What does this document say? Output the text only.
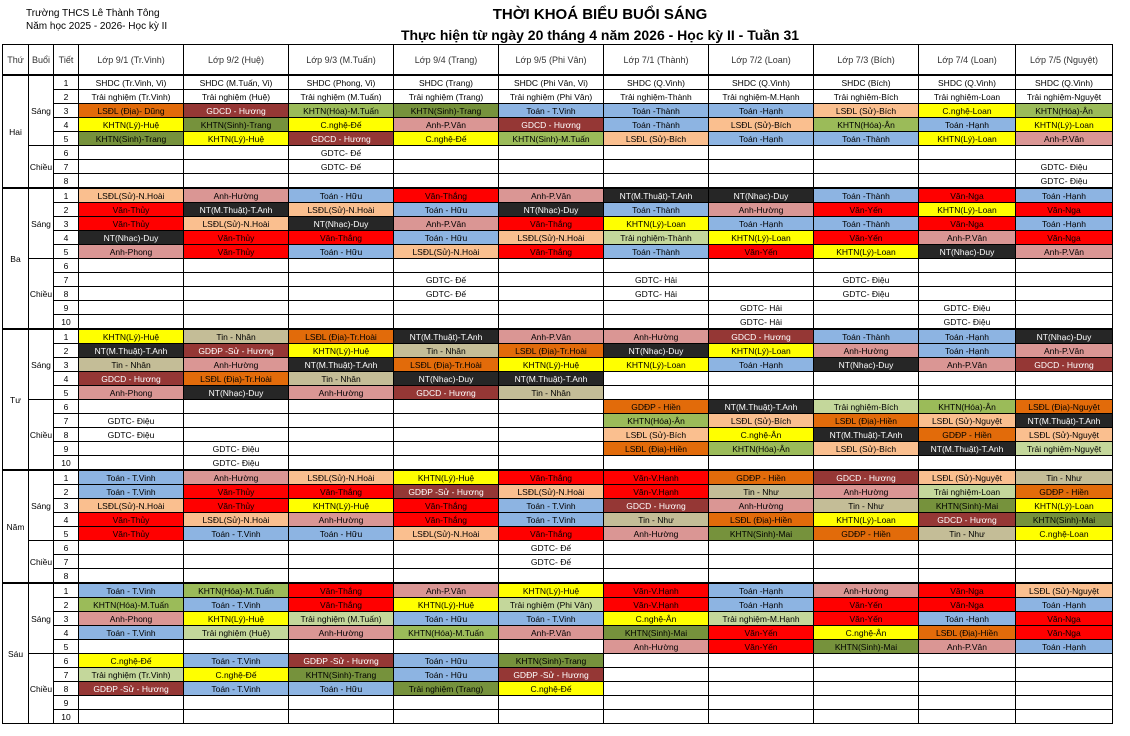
Trường THCS Lê Thành Tông
Năm học 2025 - 2026- Học kỳ II
THỜI KHOÁ BIỂU BUỔI SÁNG
Thực hiện từ ngày 20 tháng 4 năm 2026 - Học kỳ II - Tuần 31
Thứ	Buổi	Tiết	Lớp 9/1 (Tr.Vinh)	Lớp 9/2 (Huệ)	Lớp 9/3 (M.Tuấn)	Lớp 9/4 (Trang)	Lớp 9/5 (Phi Vân)	Lớp 7/1 (Thành)	Lớp 7/2 (Loan)	Lớp 7/3 (Bích)	Lớp 7/4 (Loan)	Lớp 7/5 (Nguyệt)
Hai	Sáng	1	SHDC (Tr.Vinh, Vi)	SHDC (M.Tuấn, Vi)	SHDC (Phong, Vi)	SHDC (Trang)	SHDC (Phi Vân, Vi)	SHDC (Q.Vinh)	SHDC (Q.Vinh)	SHDC (Bích)	SHDC (Q.Vinh)	SHDC (Q.Vinh)
		2	Trải nghiệm (Tr.Vinh)	Trải nghiệm (Huệ)	Trải nghiệm (M.Tuấn)	Trải nghiệm (Trang)	Trải nghiệm (Phi Vân)	Trải nghiệm-Thành	Trải nghiệm-M.Hạnh	Trải nghiệm-Bích	Trải nghiệm-Loan	Trải nghiệm-Nguyệt
		3	LSĐL (Địa)- Dũng	GDCD - Hương	KHTN(Hóa)-M.Tuấn	KHTN(Sinh)-Trang	Toán - T.Vinh	Toán -Thành	Toán -Hạnh	LSĐL (Sử)-Bích	C.nghệ-Loan	KHTN(Hóa)-Ân
		4	KHTN(Lý)-Huệ	KHTN(Sinh)-Trang	C.nghệ-Đế	Anh-P.Vân	GDCD - Hương	Toán -Thành	LSĐL (Sử)-Bích	KHTN(Hóa)-Ân	Toán -Hạnh	KHTN(Lý)-Loan
		5	KHTN(Sinh)-Trang	KHTN(Lý)-Huệ	GDCD - Hương	C.nghệ-Đế	KHTN(Sinh)-M.Tuấn	LSĐL (Sử)-Bích	Toán -Hạnh	Toán -Thành	KHTN(Lý)-Loan	Anh-P.Vân
	Chiều	6			GDTC- Đế							
		7			GDTC- Đế							GDTC- Điệu
		8										GDTC- Điệu
Ba	Sáng	1	LSĐL(Sử)-N.Hoài	Anh-Hường	Toán - Hữu	Văn-Thắng	Anh-P.Vân	NT(M.Thuật)-T.Anh	NT(Nhạc)-Duy	Toán -Thành	Văn-Nga	Toán -Hạnh
		2	Văn-Thủy	NT(M.Thuật)-T.Anh	LSĐL(Sử)-N.Hoài	Toán - Hữu	NT(Nhạc)-Duy	Toán -Thành	Anh-Hường	Văn-Yến	KHTN(Lý)-Loan	Văn-Nga
		3	Văn-Thủy	LSĐL(Sử)-N.Hoài	NT(Nhạc)-Duy	Anh-P.Vân	Văn-Thắng	KHTN(Lý)-Loan	Toán -Hạnh	Toán -Thành	Văn-Nga	Toán -Hạnh
		4	NT(Nhạc)-Duy	Văn-Thủy	Văn-Thắng	Toán - Hữu	LSĐL(Sử)-N.Hoài	Trải nghiệm-Thành	KHTN(Lý)-Loan	Văn-Yến	Anh-P.Vân	Văn-Nga
		5	Anh-Phong	Văn-Thủy	Toán - Hữu	LSĐL(Sử)-N.Hoài	Văn-Thắng	Toán -Thành	Văn-Yến	KHTN(Lý)-Loan	NT(Nhạc)-Duy	Anh-P.Vân
	Chiều	6										
		7				GDTC- Đế		GDTC- Hải		GDTC- Điệu		
		8				GDTC- Đế		GDTC- Hải		GDTC- Điệu		
		9							GDTC- Hải		GDTC- Điệu	
		10							GDTC- Hải		GDTC- Điệu	
Tư	Sáng	1	KHTN(Lý)-Huệ	Tin - Nhân	LSĐL (Địa)-Tr.Hoài	NT(M.Thuật)-T.Anh	Anh-P.Vân	Anh-Hường	GDCD - Hương	Toán -Thành	Toán -Hạnh	NT(Nhạc)-Duy
		2	NT(M.Thuật)-T.Anh	GDĐP -Sử - Hương	KHTN(Lý)-Huệ	Tin - Nhân	LSĐL (Địa)-Tr.Hoài	NT(Nhạc)-Duy	KHTN(Lý)-Loan	Anh-Hường	Toán -Hạnh	Anh-P.Vân
		3	Tin - Nhân	Anh-Hường	NT(M.Thuật)-T.Anh	LSĐL (Địa)-Tr.Hoài	KHTN(Lý)-Huệ	KHTN(Lý)-Loan	Toán -Hạnh	NT(Nhạc)-Duy	Anh-P.Vân	GDCD - Hương
		4	GDCD - Hương	LSĐL (Địa)-Tr.Hoài	Tin - Nhân	NT(Nhạc)-Duy	NT(M.Thuật)-T.Anh					
		5	Anh-Phong	NT(Nhạc)-Duy	Anh-Hường	GDCD - Hương	Tin - Nhân					
	Chiều	6						GDĐP - Hiền	NT(M.Thuật)-T.Anh	Trải nghiệm-Bích	KHTN(Hóa)-Ân	LSĐL (Địa)-Nguyệt
		7	GDTC- Điệu					KHTN(Hóa)-Ân	LSĐL (Sử)-Bích	LSĐL (Địa)-Hiền	LSĐL (Sử)-Nguyệt	NT(M.Thuật)-T.Anh
		8	GDTC- Điệu					LSĐL (Sử)-Bích	C.nghệ-Ân	NT(M.Thuật)-T.Anh	GDĐP - Hiền	LSĐL (Sử)-Nguyệt
		9		GDTC- Điệu				LSĐL (Địa)-Hiền	KHTN(Hóa)-Ân	LSĐL (Sử)-Bích	NT(M.Thuật)-T.Anh	Trải nghiệm-Nguyệt
		10		GDTC- Điệu								
Năm	Sáng	1	Toán - T.Vinh	Anh-Hường	LSĐL(Sử)-N.Hoài	KHTN(Lý)-Huệ	Văn-Thắng	Văn-V.Hạnh	GDĐP - Hiền	GDCD - Hương	LSĐL (Sử)-Nguyệt	Tin - Như
		2	Toán - T.Vinh	Văn-Thủy	Văn-Thắng	GDĐP -Sử - Hương	LSĐL(Sử)-N.Hoài	Văn-V.Hạnh	Tin - Như	Anh-Hường	Trải nghiệm-Loan	GDĐP - Hiền
		3	LSĐL(Sử)-N.Hoài	Văn-Thủy	KHTN(Lý)-Huệ	Văn-Thắng	Toán - T.Vinh	GDCD - Hương	Anh-Hường	Tin - Như	KHTN(Sinh)-Mai	KHTN(Lý)-Loan
		4	Văn-Thủy	LSĐL(Sử)-N.Hoài	Anh-Hường	Văn-Thắng	Toán - T.Vinh	Tin - Như	LSĐL (Địa)-Hiền	KHTN(Lý)-Loan	GDCD - Hương	KHTN(Sinh)-Mai
		5	Văn-Thủy	Toán - T.Vinh	Toán - Hữu	LSĐL(Sử)-N.Hoài	Văn-Thắng	Anh-Hường	KHTN(Sinh)-Mai	GDĐP - Hiền	Tin - Như	C.nghệ-Loan
	Chiều	6					GDTC- Đế					
		7					GDTC- Đế					
		8										
Sáu	Sáng	1	Toán - T.Vinh	KHTN(Hóa)-M.Tuấn	Văn-Thắng	Anh-P.Vân	KHTN(Lý)-Huệ	Văn-V.Hạnh	Toán -Hạnh	Anh-Hường	Văn-Nga	LSĐL (Sử)-Nguyệt
		2	KHTN(Hóa)-M.Tuấn	Toán - T.Vinh	Văn-Thắng	KHTN(Lý)-Huệ	Trải nghiệm (Phi Vân)	Văn-V.Hạnh	Toán -Hạnh	Văn-Yến	Văn-Nga	Toán -Hạnh
		3	Anh-Phong	KHTN(Lý)-Huệ	Trải nghiệm (M.Tuấn)	Toán - Hữu	Toán - T.Vinh	C.nghệ-Ân	Trải nghiệm-M.Hạnh	Văn-Yến	Toán -Hạnh	Văn-Nga
		4	Toán - T.Vinh	Trải nghiệm (Huệ)	Anh-Hường	KHTN(Hóa)-M.Tuấn	Anh-P.Vân	KHTN(Sinh)-Mai	Văn-Yến	C.nghệ-Ân	LSĐL (Địa)-Hiền	Văn-Nga
		5						Anh-Hường	Văn-Yến	KHTN(Sinh)-Mai	Anh-P.Vân	Toán -Hạnh
	Chiều	6	C.nghệ-Đế	Toán - T.Vinh	GDĐP -Sử - Hương	Toán - Hữu	KHTN(Sinh)-Trang					
		7	Trải nghiệm (Tr.Vinh)	C.nghệ-Đế	KHTN(Sinh)-Trang	Toán - Hữu	GDĐP -Sử - Hương					
		8	GDĐP -Sử - Hương	Toán - T.Vinh	Toán - Hữu	Trải nghiệm (Trang)	C.nghệ-Đế					
		9										
		10										
